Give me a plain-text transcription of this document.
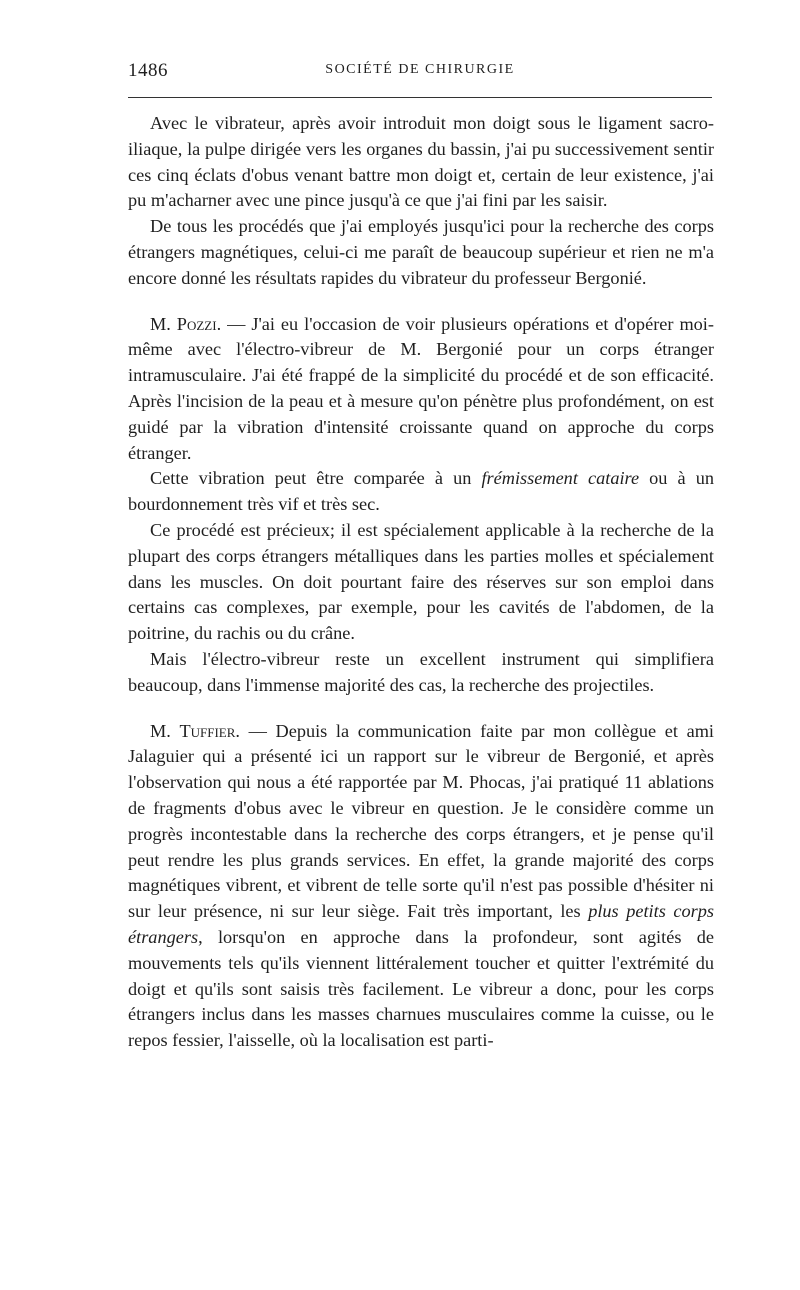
1486	SOCIÉTÉ DE CHIRURGIE

Avec le vibrateur, après avoir introduit mon doigt sous le ligament sacro-iliaque, la pulpe dirigée vers les organes du bassin, j'ai pu successivement sentir ces cinq éclats d'obus venant battre mon doigt et, certain de leur existence, j'ai pu m'acharner avec une pince jusqu'à ce que j'ai fini par les saisir.

De tous les procédés que j'ai employés jusqu'ici pour la recherche des corps étrangers magnétiques, celui-ci me paraît de beaucoup supérieur et rien ne m'a encore donné les résultats rapides du vibrateur du professeur Bergonié.

M. Pozzi. — J'ai eu l'occasion de voir plusieurs opérations et d'opérer moi-même avec l'électro-vibreur de M. Bergonié pour un corps étranger intramusculaire. J'ai été frappé de la simplicité du procédé et de son efficacité. Après l'incision de la peau et à mesure qu'on pénètre plus profondément, on est guidé par la vibration d'intensité croissante quand on approche du corps étranger.

Cette vibration peut être comparée à un frémissement cataire ou à un bourdonnement très vif et très sec.

Ce procédé est précieux; il est spécialement applicable à la recherche de la plupart des corps étrangers métalliques dans les parties molles et spécialement dans les muscles. On doit pourtant faire des réserves sur son emploi dans certains cas complexes, par exemple, pour les cavités de l'abdomen, de la poitrine, du rachis ou du crâne.

Mais l'électro-vibreur reste un excellent instrument qui simplifiera beaucoup, dans l'immense majorité des cas, la recherche des projectiles.

M. Tuffier. — Depuis la communication faite par mon collègue et ami Jalaguier qui a présenté ici un rapport sur le vibreur de Bergonié, et après l'observation qui nous a été rapportée par M. Phocas, j'ai pratiqué 11 ablations de fragments d'obus avec le vibreur en question. Je le considère comme un progrès incontestable dans la recherche des corps étrangers, et je pense qu'il peut rendre les plus grands services. En effet, la grande majorité des corps magnétiques vibrent, et vibrent de telle sorte qu'il n'est pas possible d'hésiter ni sur leur présence, ni sur leur siège. Fait très important, les plus petits corps étrangers, lorsqu'on en approche dans la profondeur, sont agités de mouvements tels qu'ils viennent littéralement toucher et quitter l'extrémité du doigt et qu'ils sont saisis très facilement. Le vibreur a donc, pour les corps étrangers inclus dans les masses charnues musculaires comme la cuisse, ou le repos fessier, l'aisselle, où la localisation est parti-
